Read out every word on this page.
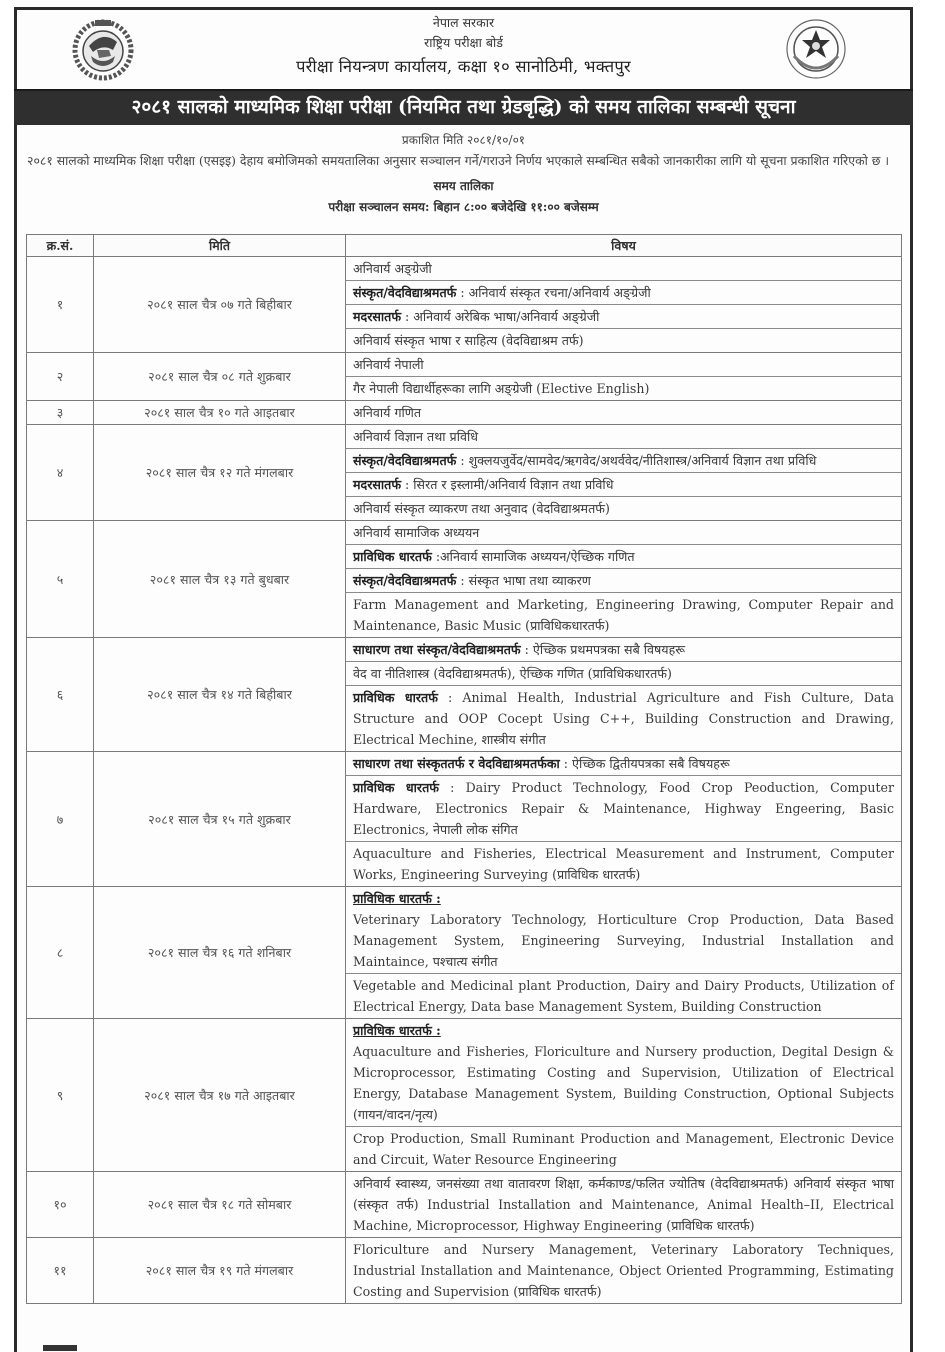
नेपाल सरकार
राष्ट्रिय परीक्षा बोर्ड
परीक्षा नियन्त्रण कार्यालय, कक्षा १० सानोठिमी, भक्तपुर
२०८१ सालको माध्यमिक शिक्षा परीक्षा (नियमित तथा ग्रेडबृद्धि) को समय तालिका सम्बन्धी सूचना
प्रकाशित मिति २०८१/१०/०१
२०८१ सालको माध्यमिक शिक्षा परीक्षा (एसइइ) देहाय बमोजिमको समयतालिका अनुसार सञ्चालन गर्ने/गराउने निर्णय भएकाले सम्बन्धित सबैको जानकारीका लागि यो सूचना प्रकाशित गरिएको छ ।
समय तालिका
परीक्षा सञ्चालन समय: बिहान ८:०० बजेदेखि ११:०० बजेसम्म
क्र.सं.	मिति	विषय
१	२०८१ साल चैत्र ०७ गते बिहीबार	अनिवार्य अङ्ग्रेजी
संस्कृत/वेदविद्याश्रमतर्फ : अनिवार्य संस्कृत रचना/अनिवार्य अङ्ग्रेजी
मदरसातर्फ : अनिवार्य अरेबिक भाषा/अनिवार्य अङ्ग्रेजी
अनिवार्य संस्कृत भाषा र साहित्य (वेदविद्याश्रम तर्फ)

२	२०८१ साल चैत्र ०८ गते शुक्रबार	अनिवार्य नेपाली
गैर नेपाली विद्यार्थीहरूका लागि अङ्ग्रेजी (Elective English)

३	२०८१ साल चैत्र १० गते आइतबार	अनिवार्य गणित

४	२०८१ साल चैत्र १२ गते मंगलबार	अनिवार्य विज्ञान तथा प्रविधि
संस्कृत/वेदविद्याश्रमतर्फ : शुक्लयजुर्वेद/सामवेद/ऋगवेद/अथर्ववेद/नीतिशास्त्र/अनिवार्य विज्ञान तथा प्रविधि
मदरसातर्फ : सिरत र इस्लामी/अनिवार्य विज्ञान तथा प्रविधि
अनिवार्य संस्कृत व्याकरण तथा अनुवाद (वेदविद्याश्रमतर्फ)

५	२०८१ साल चैत्र १३ गते बुधबार	अनिवार्य सामाजिक अध्ययन
प्राविधिक धारतर्फ :अनिवार्य सामाजिक अध्ययन/ऐच्छिक गणित
संस्कृत/वेदविद्याश्रमतर्फ : संस्कृत भाषा तथा व्याकरण
Farm Management and Marketing, Engineering Drawing, Computer Repair and Maintenance, Basic Music (प्राविधिकधारतर्फ)

६	२०८१ साल चैत्र १४ गते बिहीबार	साधारण तथा संस्कृत/वेदविद्याश्रमतर्फ : ऐच्छिक प्रथमपत्रका सबै विषयहरू
वेद वा नीतिशास्त्र (वेदविद्याश्रमतर्फ), ऐच्छिक गणित (प्राविधिकधारतर्फ)
प्राविधिक धारतर्फ : Animal Health, Industrial Agriculture and Fish Culture, Data Structure and OOP Cocept Using C++, Building Construction and Drawing, Electrical Mechine, शास्त्रीय संगीत

७	२०८१ साल चैत्र १५ गते शुक्रबार	साधारण तथा संस्कृततर्फ र वेदविद्याश्रमतर्फका : ऐच्छिक द्वितीयपत्रका सबै विषयहरू
प्राविधिक धारतर्फ : Dairy Product Technology, Food Crop Peoduction, Computer Hardware, Electronics Repair & Maintenance, Highway Engeering, Basic Electronics, नेपाली लोक संगित
Aquaculture and Fisheries, Electrical Measurement and Instrument, Computer Works, Engineering Surveying (प्राविधिक धारतर्फ)

८	२०८१ साल चैत्र १६ गते शनिबार	प्राविधिक धारतर्फ :
Veterinary Laboratory Technology, Horticulture Crop Production, Data Based Management System, Engineering Surveying, Industrial Installation and Maintaince, पश्चात्य संगीत
Vegetable and Medicinal plant Production, Dairy and Dairy Products, Utilization of Electrical Energy, Data base Management System, Building Construction

९	२०८१ साल चैत्र १७ गते आइतबार	प्राविधिक धारतर्फ :
Aquaculture and Fisheries, Floriculture and Nursery production, Degital Design & Microprocessor, Estimating Costing and Supervision, Utilization of Electrical Energy, Database Management System, Building Construction, Optional Subjects (गायन/वादन/नृत्य)
Crop Production, Small Ruminant Production and Management, Electronic Device and Circuit, Water Resource Engineering

१०	२०८१ साल चैत्र १८ गते सोमबार	अनिवार्य स्वास्थ्य, जनसंख्या तथा वातावरण शिक्षा, कर्मकाण्ड/फलित ज्योतिष (वेदविद्याश्रमतर्फ) अनिवार्य संस्कृत भाषा (संस्कृत तर्फ) Industrial Installation and Maintenance, Animal Health–II, Electrical Machine, Microprocessor, Highway Engineering (प्राविधिक धारतर्फ)

११	२०८१ साल चैत्र १९ गते मंगलबार	Floriculture and Nursery Management, Veterinary Laboratory Techniques, Industrial Installation and Maintenance, Object Oriented Programming, Estimating Costing and Supervision (प्राविधिक धारतर्फ)
